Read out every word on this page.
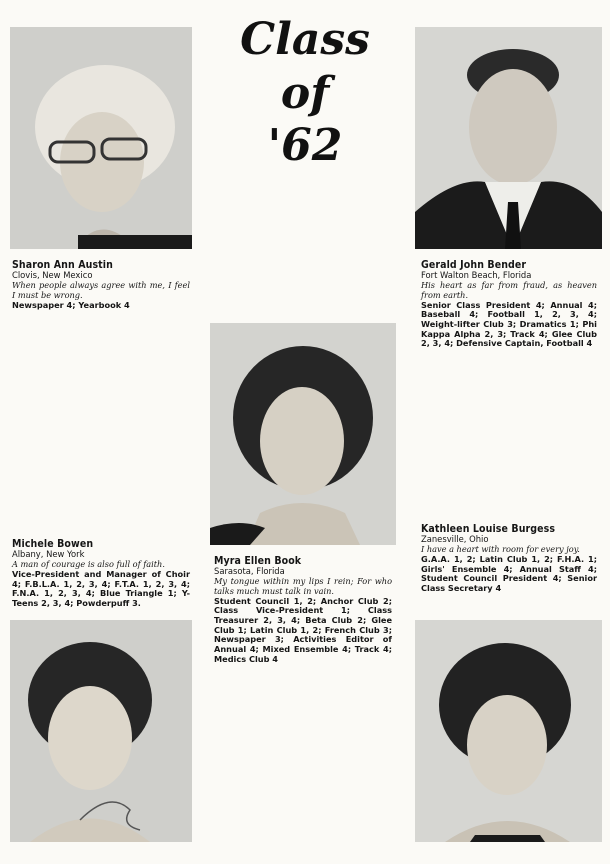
Class
of
'62
Sharon Ann Austin
Clovis, New Mexico
When people always agree with me, I feel I must be wrong.
Newspaper 4; Yearbook 4
Gerald John Bender
Fort Walton Beach, Florida
His heart as far from fraud, as heaven from earth.
Senior Class President 4; Annual 4; Baseball 4; Football 1, 2, 3, 4; Weight-lifter Club 3; Dramatics 1; Phi Kappa Alpha 2, 3; Track 4; Glee Club 2, 3, 4; Defensive Captain, Football 4
Michele Bowen
Albany, New York
A man of courage is also full of faith.
Vice-President and Manager of Choir 4; F.B.L.A. 1, 2, 3, 4; F.T.A. 1, 2, 3, 4; F.N.A. 1, 2, 3, 4; Blue Triangle 1; Y-Teens 2, 3, 4; Powderpuff 3.
Myra Ellen Book
Sarasota, Florida
My tongue within my lips I rein; For who talks much must talk in vain.
Student Council 1, 2; Anchor Club 2; Class Vice-President 1; Class Treasurer 2, 3, 4; Beta Club 2; Glee Club 1; Latin Club 1, 2; French Club 3; Newspaper 3; Activities Editor of Annual 4; Mixed Ensemble 4; Track 4; Medics Club 4
Kathleen Louise Burgess
Zanesville, Ohio
I have a heart with room for every joy.
G.A.A. 1, 2; Latin Club 1, 2; F.H.A. 1; Girls' Ensemble 4; Annual Staff 4; Student Council President 4; Senior Class Secretary 4
